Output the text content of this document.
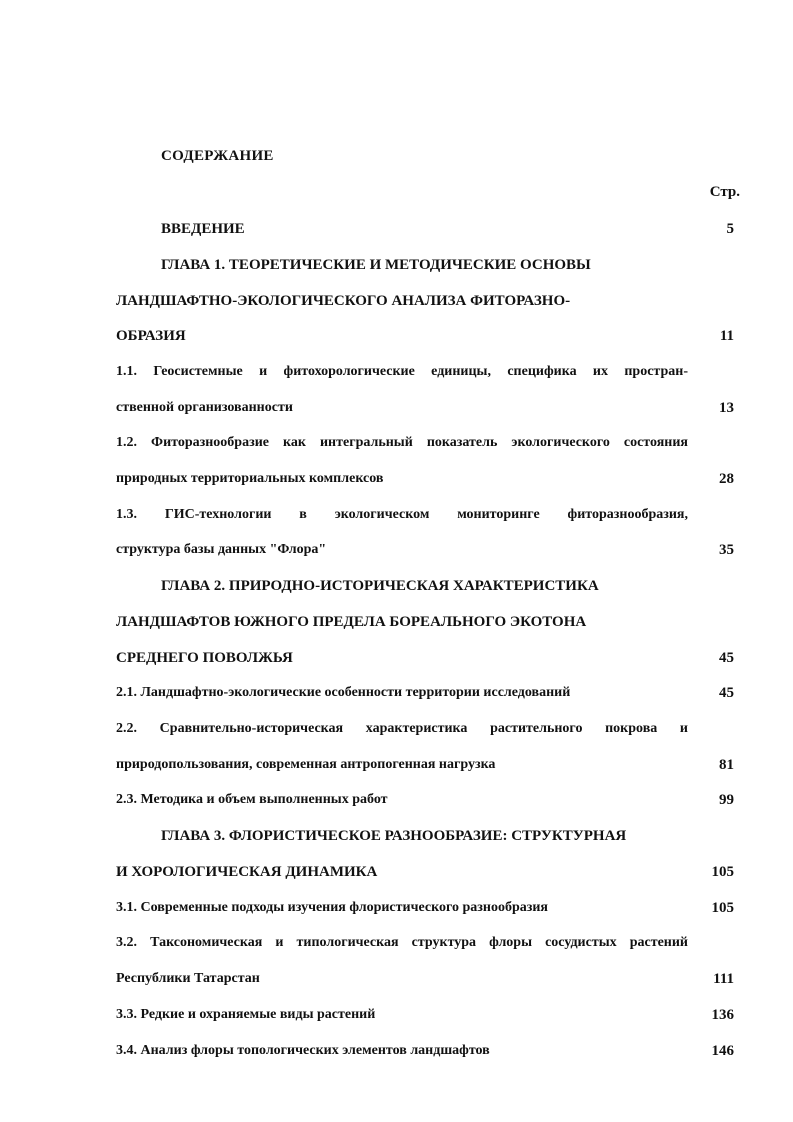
СОДЕРЖАНИЕ
Стр.
ВВЕДЕНИЕ	5
ГЛАВА 1. ТЕОРЕТИЧЕСКИЕ И МЕТОДИЧЕСКИЕ ОСНОВЫ
ЛАНДШАФТНО-ЭКОЛОГИЧЕСКОГО АНАЛИЗА ФИТОРАЗНО-
ОБРАЗИЯ	11
1.1. Геосистемные и фитохорологические единицы, специфика их простран-
ственной организованности	13
1.2. Фиторазнообразие как интегральный показатель экологического состояния
природных территориальных комплексов	28
1.3. ГИС-технологии в экологическом мониторинге фиторазнообразия,
структура базы данных "Флора"	35
ГЛАВА 2. ПРИРОДНО-ИСТОРИЧЕСКАЯ ХАРАКТЕРИСТИКА
ЛАНДШАФТОВ ЮЖНОГО ПРЕДЕЛА БОРЕАЛЬНОГО ЭКОТОНА
СРЕДНЕГО ПОВОЛЖЬЯ	45
2.1. Ландшафтно-экологические особенности территории исследований	45
2.2. Сравнительно-историческая характеристика растительного покрова и
природопользования, современная антропогенная нагрузка	81
2.3. Методика и объем выполненных работ	99
ГЛАВА 3. ФЛОРИСТИЧЕСКОЕ РАЗНООБРАЗИЕ: СТРУКТУРНАЯ
И ХОРОЛОГИЧЕСКАЯ ДИНАМИКА	105
3.1. Современные подходы изучения флористического разнообразия	105
3.2. Таксономическая и типологическая структура флоры сосудистых растений
Республики Татарстан	111
3.3. Редкие и охраняемые виды растений	136
3.4. Анализ флоры топологических элементов ландшафтов	146
